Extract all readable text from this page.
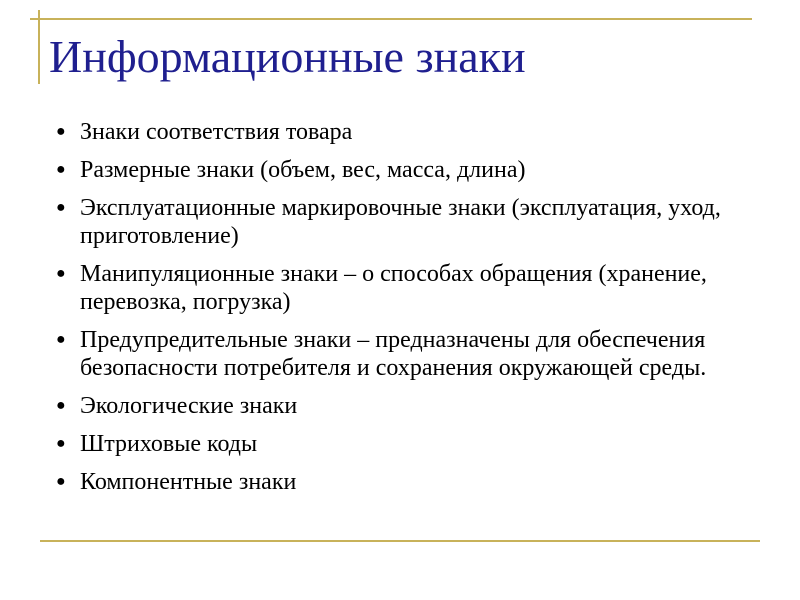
Информационные знаки
● Знаки соответствия товара
● Размерные знаки (объем, вес, масса, длина)
● Эксплуатационные маркировочные знаки (эксплуатация, уход, приготовление)
● Манипуляционные знаки – о способах обращения (хранение, перевозка, погрузка)
● Предупредительные знаки – предназначены для обеспечения безопасности потребителя и сохранения окружающей среды.
● Экологические знаки
● Штриховые коды
● Компонентные знаки
